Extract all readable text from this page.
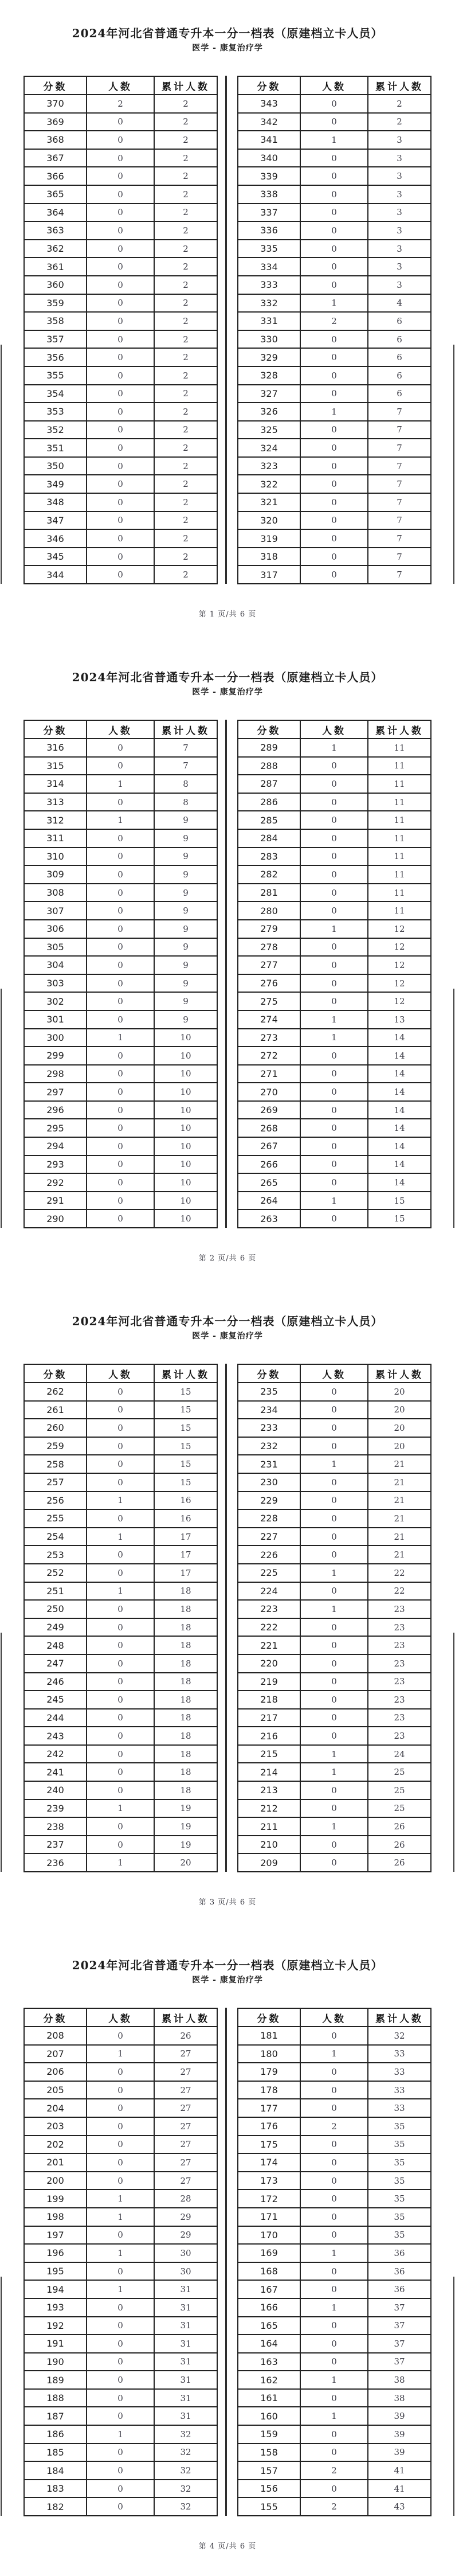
2024年河北省普通专升本一分一档表（原建档立卡人员）
医学 - 康复治疗学
分数	人数	累计人数
370	2	2
369	0	2
368	0	2
367	0	2
366	0	2
365	0	2
364	0	2
363	0	2
362	0	2
361	0	2
360	0	2
359	0	2
358	0	2
357	0	2
356	0	2
355	0	2
354	0	2
353	0	2
352	0	2
351	0	2
350	0	2
349	0	2
348	0	2
347	0	2
346	0	2
345	0	2
344	0	2
分数	人数	累计人数
343	0	2
342	0	2
341	1	3
340	0	3
339	0	3
338	0	3
337	0	3
336	0	3
335	0	3
334	0	3
333	0	3
332	1	4
331	2	6
330	0	6
329	0	6
328	0	6
327	0	6
326	1	7
325	0	7
324	0	7
323	0	7
322	0	7
321	0	7
320	0	7
319	0	7
318	0	7
317	0	7
第 1 页/共 6 页
2024年河北省普通专升本一分一档表（原建档立卡人员）
医学 - 康复治疗学
分数	人数	累计人数
316	0	7
315	0	7
314	1	8
313	0	8
312	1	9
311	0	9
310	0	9
309	0	9
308	0	9
307	0	9
306	0	9
305	0	9
304	0	9
303	0	9
302	0	9
301	0	9
300	1	10
299	0	10
298	0	10
297	0	10
296	0	10
295	0	10
294	0	10
293	0	10
292	0	10
291	0	10
290	0	10
分数	人数	累计人数
289	1	11
288	0	11
287	0	11
286	0	11
285	0	11
284	0	11
283	0	11
282	0	11
281	0	11
280	0	11
279	1	12
278	0	12
277	0	12
276	0	12
275	0	12
274	1	13
273	1	14
272	0	14
271	0	14
270	0	14
269	0	14
268	0	14
267	0	14
266	0	14
265	0	14
264	1	15
263	0	15
第 2 页/共 6 页
2024年河北省普通专升本一分一档表（原建档立卡人员）
医学 - 康复治疗学
分数	人数	累计人数
262	0	15
261	0	15
260	0	15
259	0	15
258	0	15
257	0	15
256	1	16
255	0	16
254	1	17
253	0	17
252	0	17
251	1	18
250	0	18
249	0	18
248	0	18
247	0	18
246	0	18
245	0	18
244	0	18
243	0	18
242	0	18
241	0	18
240	0	18
239	1	19
238	0	19
237	0	19
236	1	20
分数	人数	累计人数
235	0	20
234	0	20
233	0	20
232	0	20
231	1	21
230	0	21
229	0	21
228	0	21
227	0	21
226	0	21
225	1	22
224	0	22
223	1	23
222	0	23
221	0	23
220	0	23
219	0	23
218	0	23
217	0	23
216	0	23
215	1	24
214	1	25
213	0	25
212	0	25
211	1	26
210	0	26
209	0	26
第 3 页/共 6 页
2024年河北省普通专升本一分一档表（原建档立卡人员）
医学 - 康复治疗学
分数	人数	累计人数
208	0	26
207	1	27
206	0	27
205	0	27
204	0	27
203	0	27
202	0	27
201	0	27
200	0	27
199	1	28
198	1	29
197	0	29
196	1	30
195	0	30
194	1	31
193	0	31
192	0	31
191	0	31
190	0	31
189	0	31
188	0	31
187	0	31
186	1	32
185	0	32
184	0	32
183	0	32
182	0	32
分数	人数	累计人数
181	0	32
180	1	33
179	0	33
178	0	33
177	0	33
176	2	35
175	0	35
174	0	35
173	0	35
172	0	35
171	0	35
170	0	35
169	1	36
168	0	36
167	0	36
166	1	37
165	0	37
164	0	37
163	0	37
162	1	38
161	0	38
160	1	39
159	0	39
158	0	39
157	2	41
156	0	41
155	2	43
第 4 页/共 6 页
